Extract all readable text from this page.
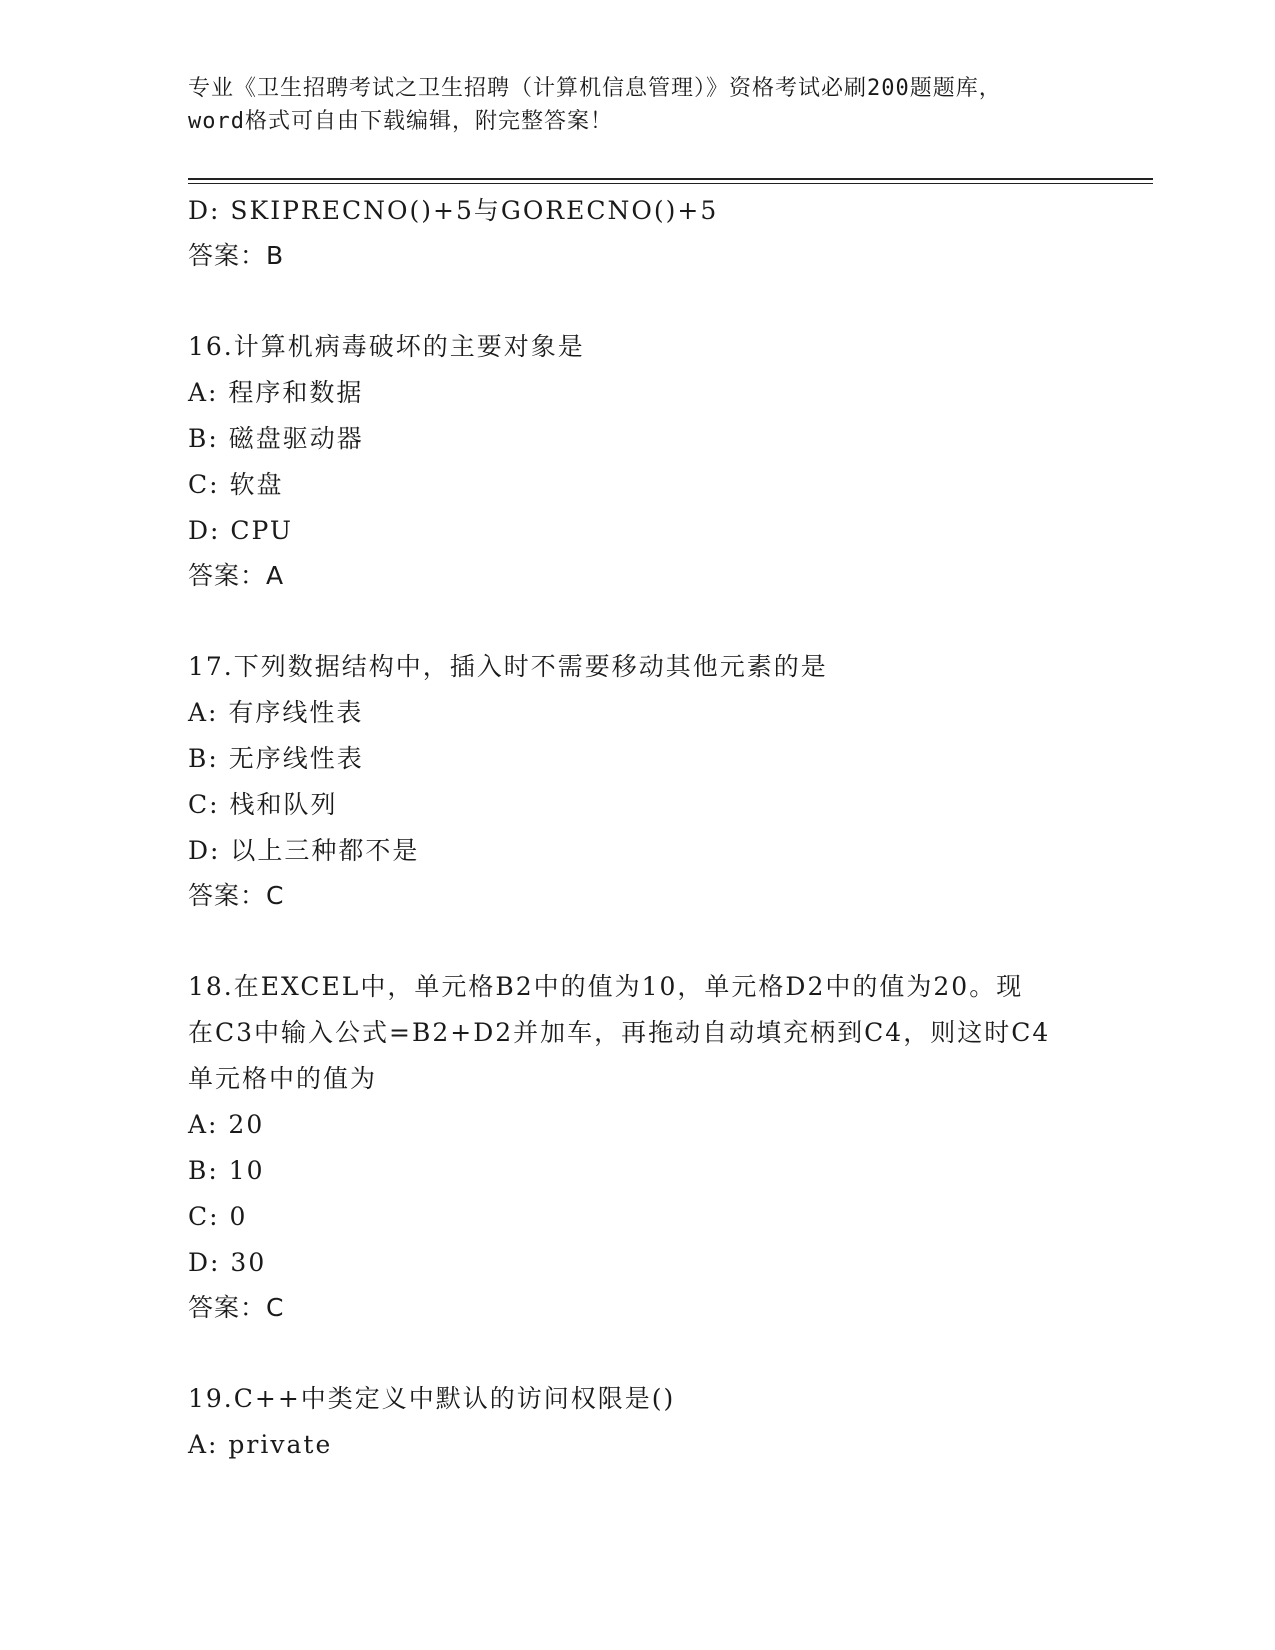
专业《卫生招聘考试之卫生招聘（计算机信息管理）》资格考试必刷200题题库，
word格式可自由下载编辑，附完整答案！
D: SKIPRECNO()+5与GORECNO()+5
答案：B
16.计算机病毒破坏的主要对象是
A: 程序和数据
B: 磁盘驱动器
C: 软盘
D: CPU
答案：A
17.下列数据结构中，插入时不需要移动其他元素的是
A: 有序线性表
B: 无序线性表
C: 栈和队列
D: 以上三种都不是
答案：C
18.在EXCEL中，单元格B2中的值为10，单元格D2中的值为20。现
在C3中输入公式=B2+D2并加车，再拖动自动填充柄到C4，则这时C4
单元格中的值为
A: 20
B: 10
C: 0
D: 30
答案：C
19.C++中类定义中默认的访问权限是()
A: private
